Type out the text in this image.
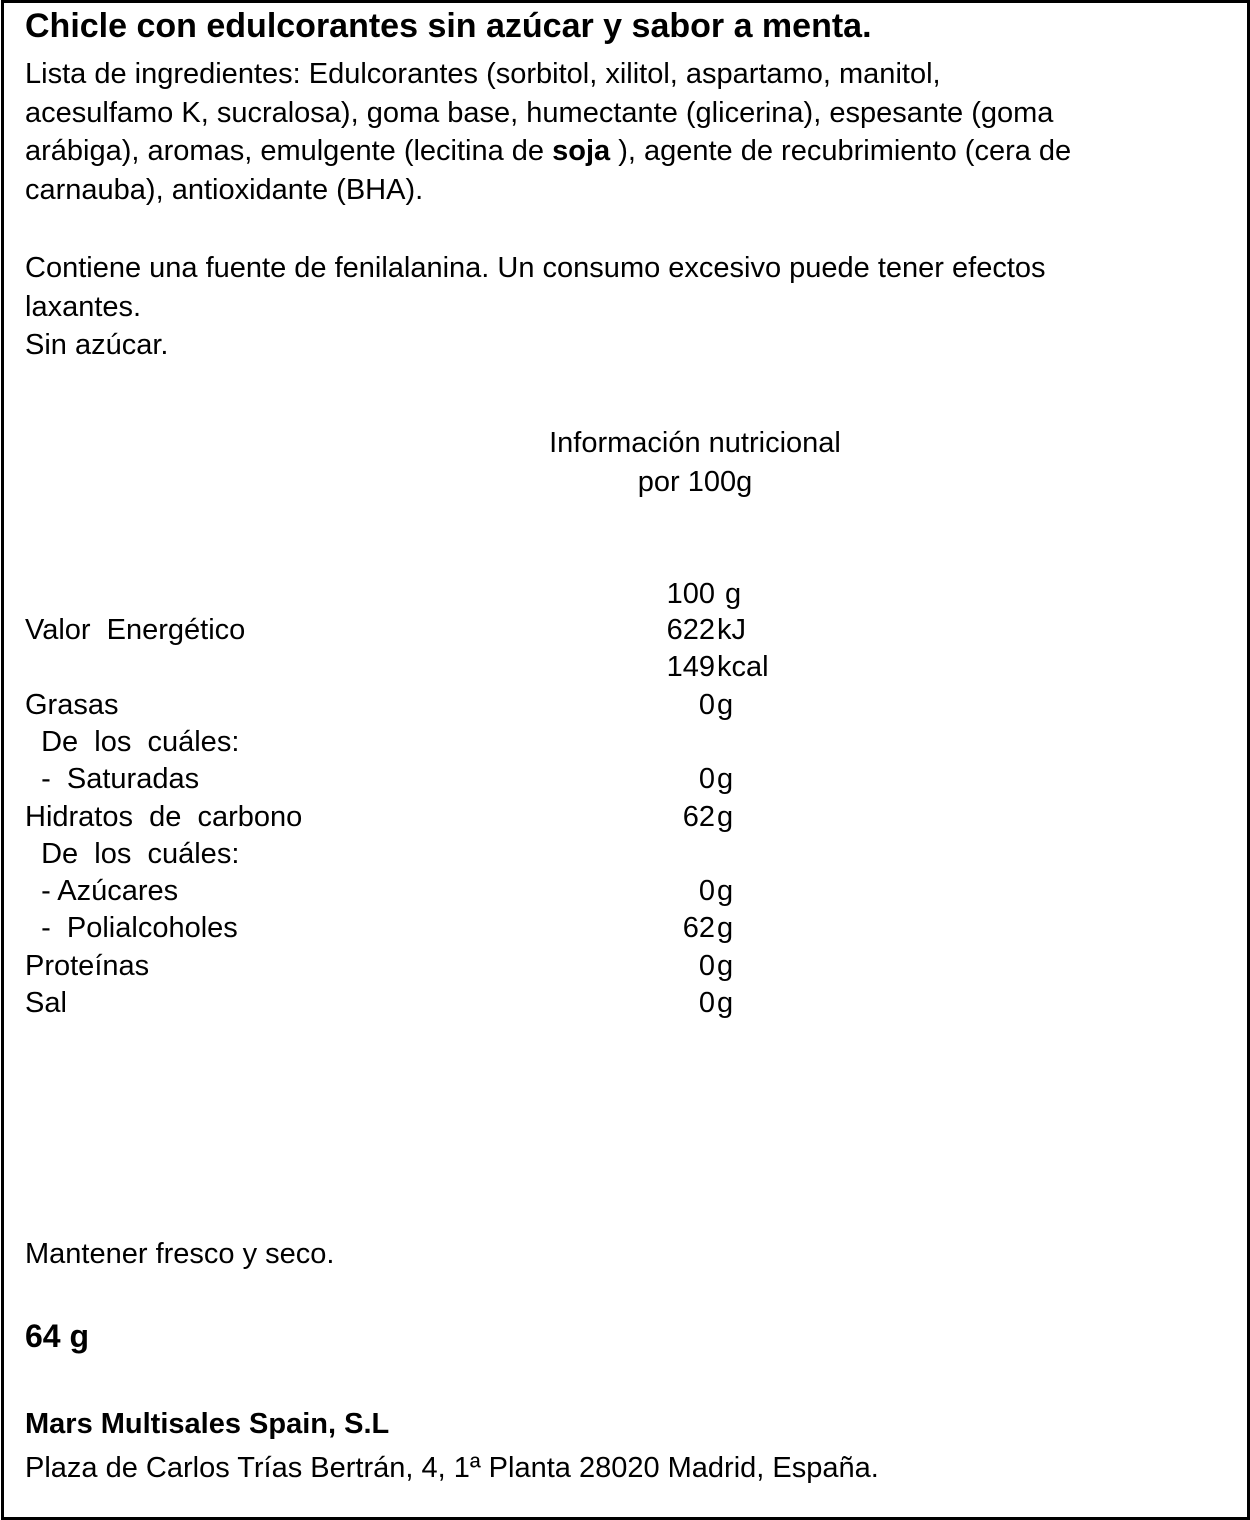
Chicle con edulcorantes sin azúcar y sabor a menta.
Lista de ingredientes: Edulcorantes (sorbitol, xilitol, aspartamo, manitol,
acesulfamo K, sucralosa), goma base, humectante (glicerina), espesante (goma
arábiga), aromas, emulgente (lecitina de soja ), agente de recubrimiento (cera de
carnauba), antioxidante (BHA).
Contiene una fuente de fenilalanina. Un consumo excesivo puede tener efectos
laxantes.
Sin azúcar.
Información nutricional
por 100g
100 g
Valor  Energético	622 kJ
149 kcal
Grasas	0 g
De  los  cuáles:
-  Saturadas	0 g
Hidratos  de  carbono	62 g
De  los  cuáles:
- Azúcares	0 g
-  Polialcoholes	62 g
Proteínas	0 g
Sal	0 g
Mantener fresco y seco.
64 g
Mars Multisales Spain, S.L
Plaza de Carlos Trías Bertrán, 4, 1ª Planta 28020 Madrid, España.
